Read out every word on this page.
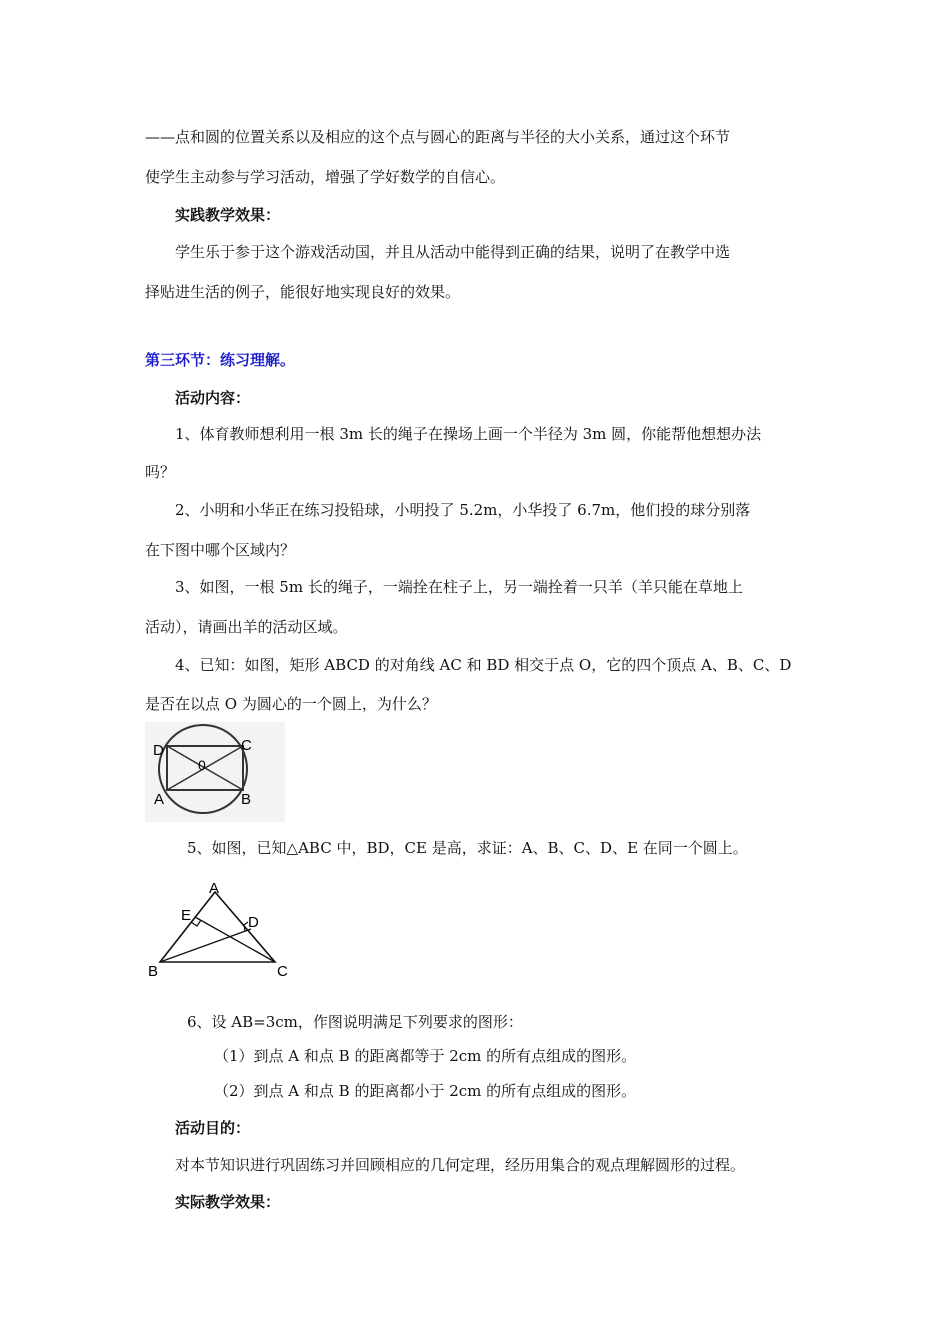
——点和圆的位置关系以及相应的这个点与圆心的距离与半径的大小关系，通过这个环节

使学生主动参与学习活动，增强了学好数学的自信心。

实践教学效果：

学生乐于参于这个游戏活动国，并且从活动中能得到正确的结果，说明了在教学中选

择贴进生活的例子，能很好地实现良好的效果。

第三环节：练习理解。

活动内容：

1、体育教师想利用一根 3m 长的绳子在操场上画一个半径为 3m 圆，你能帮他想想办法

吗？

2、小明和小华正在练习投铅球，小明投了 5.2m，小华投了 6.7m，他们投的球分别落

在下图中哪个区域内？

3、如图，一根 5m 长的绳子，一端拴在柱子上，另一端拴着一只羊（羊只能在草地上

活动），请画出羊的活动区域。

4、已知：如图，矩形 ABCD 的对角线 AC 和 BD 相交于点 O，它的四个顶点 A、B、C、D

是否在以点 O 为圆心的一个圆上，为什么？

D	C
A	B
0

5、如图，已知△ABC 中，BD，CE 是高，求证：A、B、C、D、E 在同一个圆上。

A
E	D
B	C

6、设 AB=3cm，作图说明满足下列要求的图形：

（1）到点 A 和点 B 的距离都等于 2cm 的所有点组成的图形。

（2）到点 A 和点 B 的距离都小于 2cm 的所有点组成的图形。

活动目的：

对本节知识进行巩固练习并回顾相应的几何定理，经历用集合的观点理解圆形的过程。

实际教学效果：
